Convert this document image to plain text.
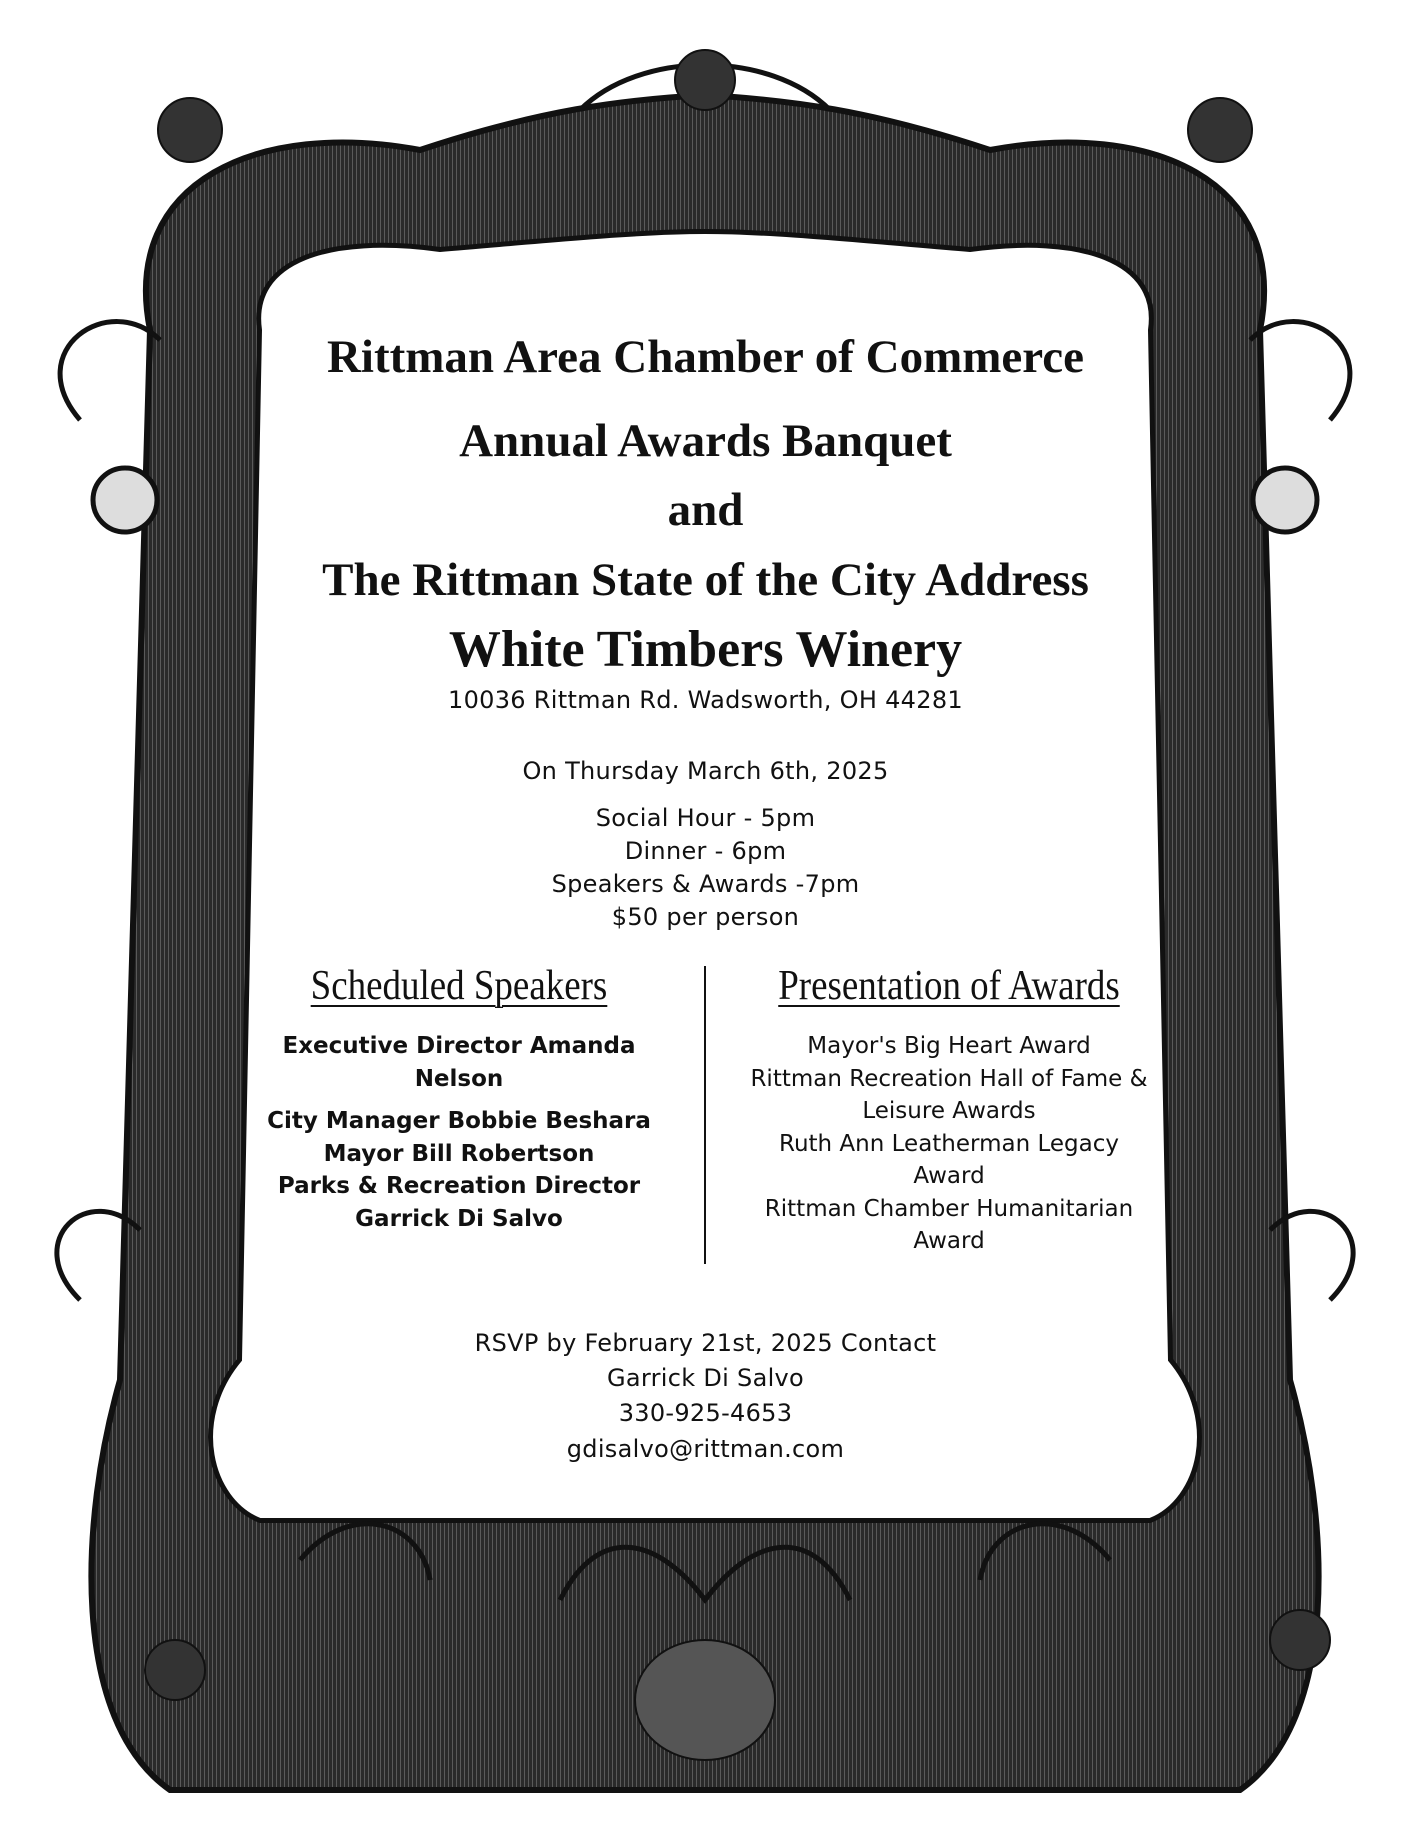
Rittman Area Chamber of Commerce
Annual Awards Banquet
and
The Rittman State of the City Address
White Timbers Winery
10036 Rittman Rd. Wadsworth, OH 44281
On Thursday March 6th, 2025
Social Hour - 5pm
Dinner - 6pm
Speakers & Awards -7pm
$50 per person
Scheduled Speakers
Executive Director Amanda
Nelson
City Manager Bobbie Beshara
Mayor Bill Robertson
Parks & Recreation Director
Garrick Di Salvo
Presentation of Awards
Mayor's Big Heart Award
Rittman Recreation Hall of Fame &
Leisure Awards
Ruth Ann Leatherman Legacy
Award
Rittman Chamber Humanitarian
Award
RSVP by February 21st, 2025 Contact
Garrick Di Salvo
330-925-4653
gdisalvo@rittman.com
